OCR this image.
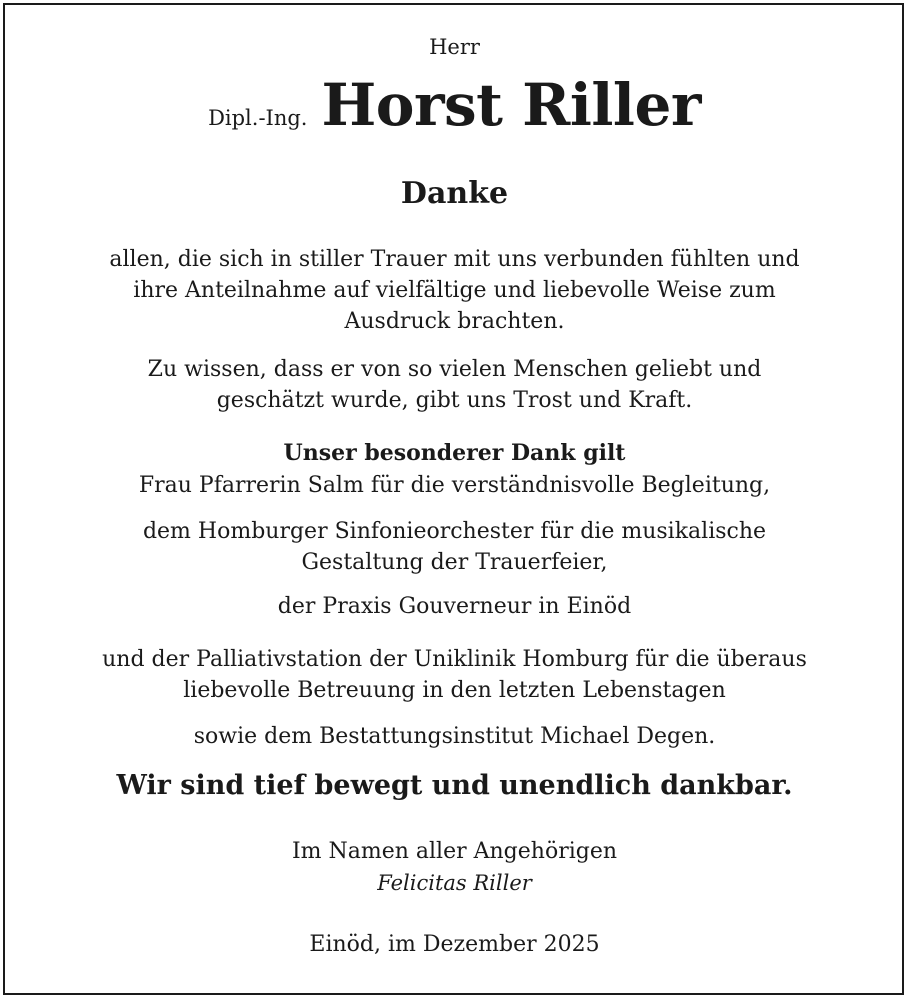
Herr
Dipl.-Ing. Horst Riller
Danke
allen, die sich in stiller Trauer mit uns verbunden fühlten und
ihre Anteilnahme auf vielfältige und liebevolle Weise zum
Ausdruck brachten.
Zu wissen, dass er von so vielen Menschen geliebt und
geschätzt wurde, gibt uns Trost und Kraft.
Unser besonderer Dank gilt
Frau Pfarrerin Salm für die verständnisvolle Begleitung,
dem Homburger Sinfonieorchester für die musikalische
Gestaltung der Trauerfeier,
der Praxis Gouverneur in Einöd
und der Palliativstation der Uniklinik Homburg für die überaus
liebevolle Betreuung in den letzten Lebenstagen
sowie dem Bestattungsinstitut Michael Degen.
Wir sind tief bewegt und unendlich dankbar.
Im Namen aller Angehörigen
Felicitas Riller
Einöd, im Dezember 2025
